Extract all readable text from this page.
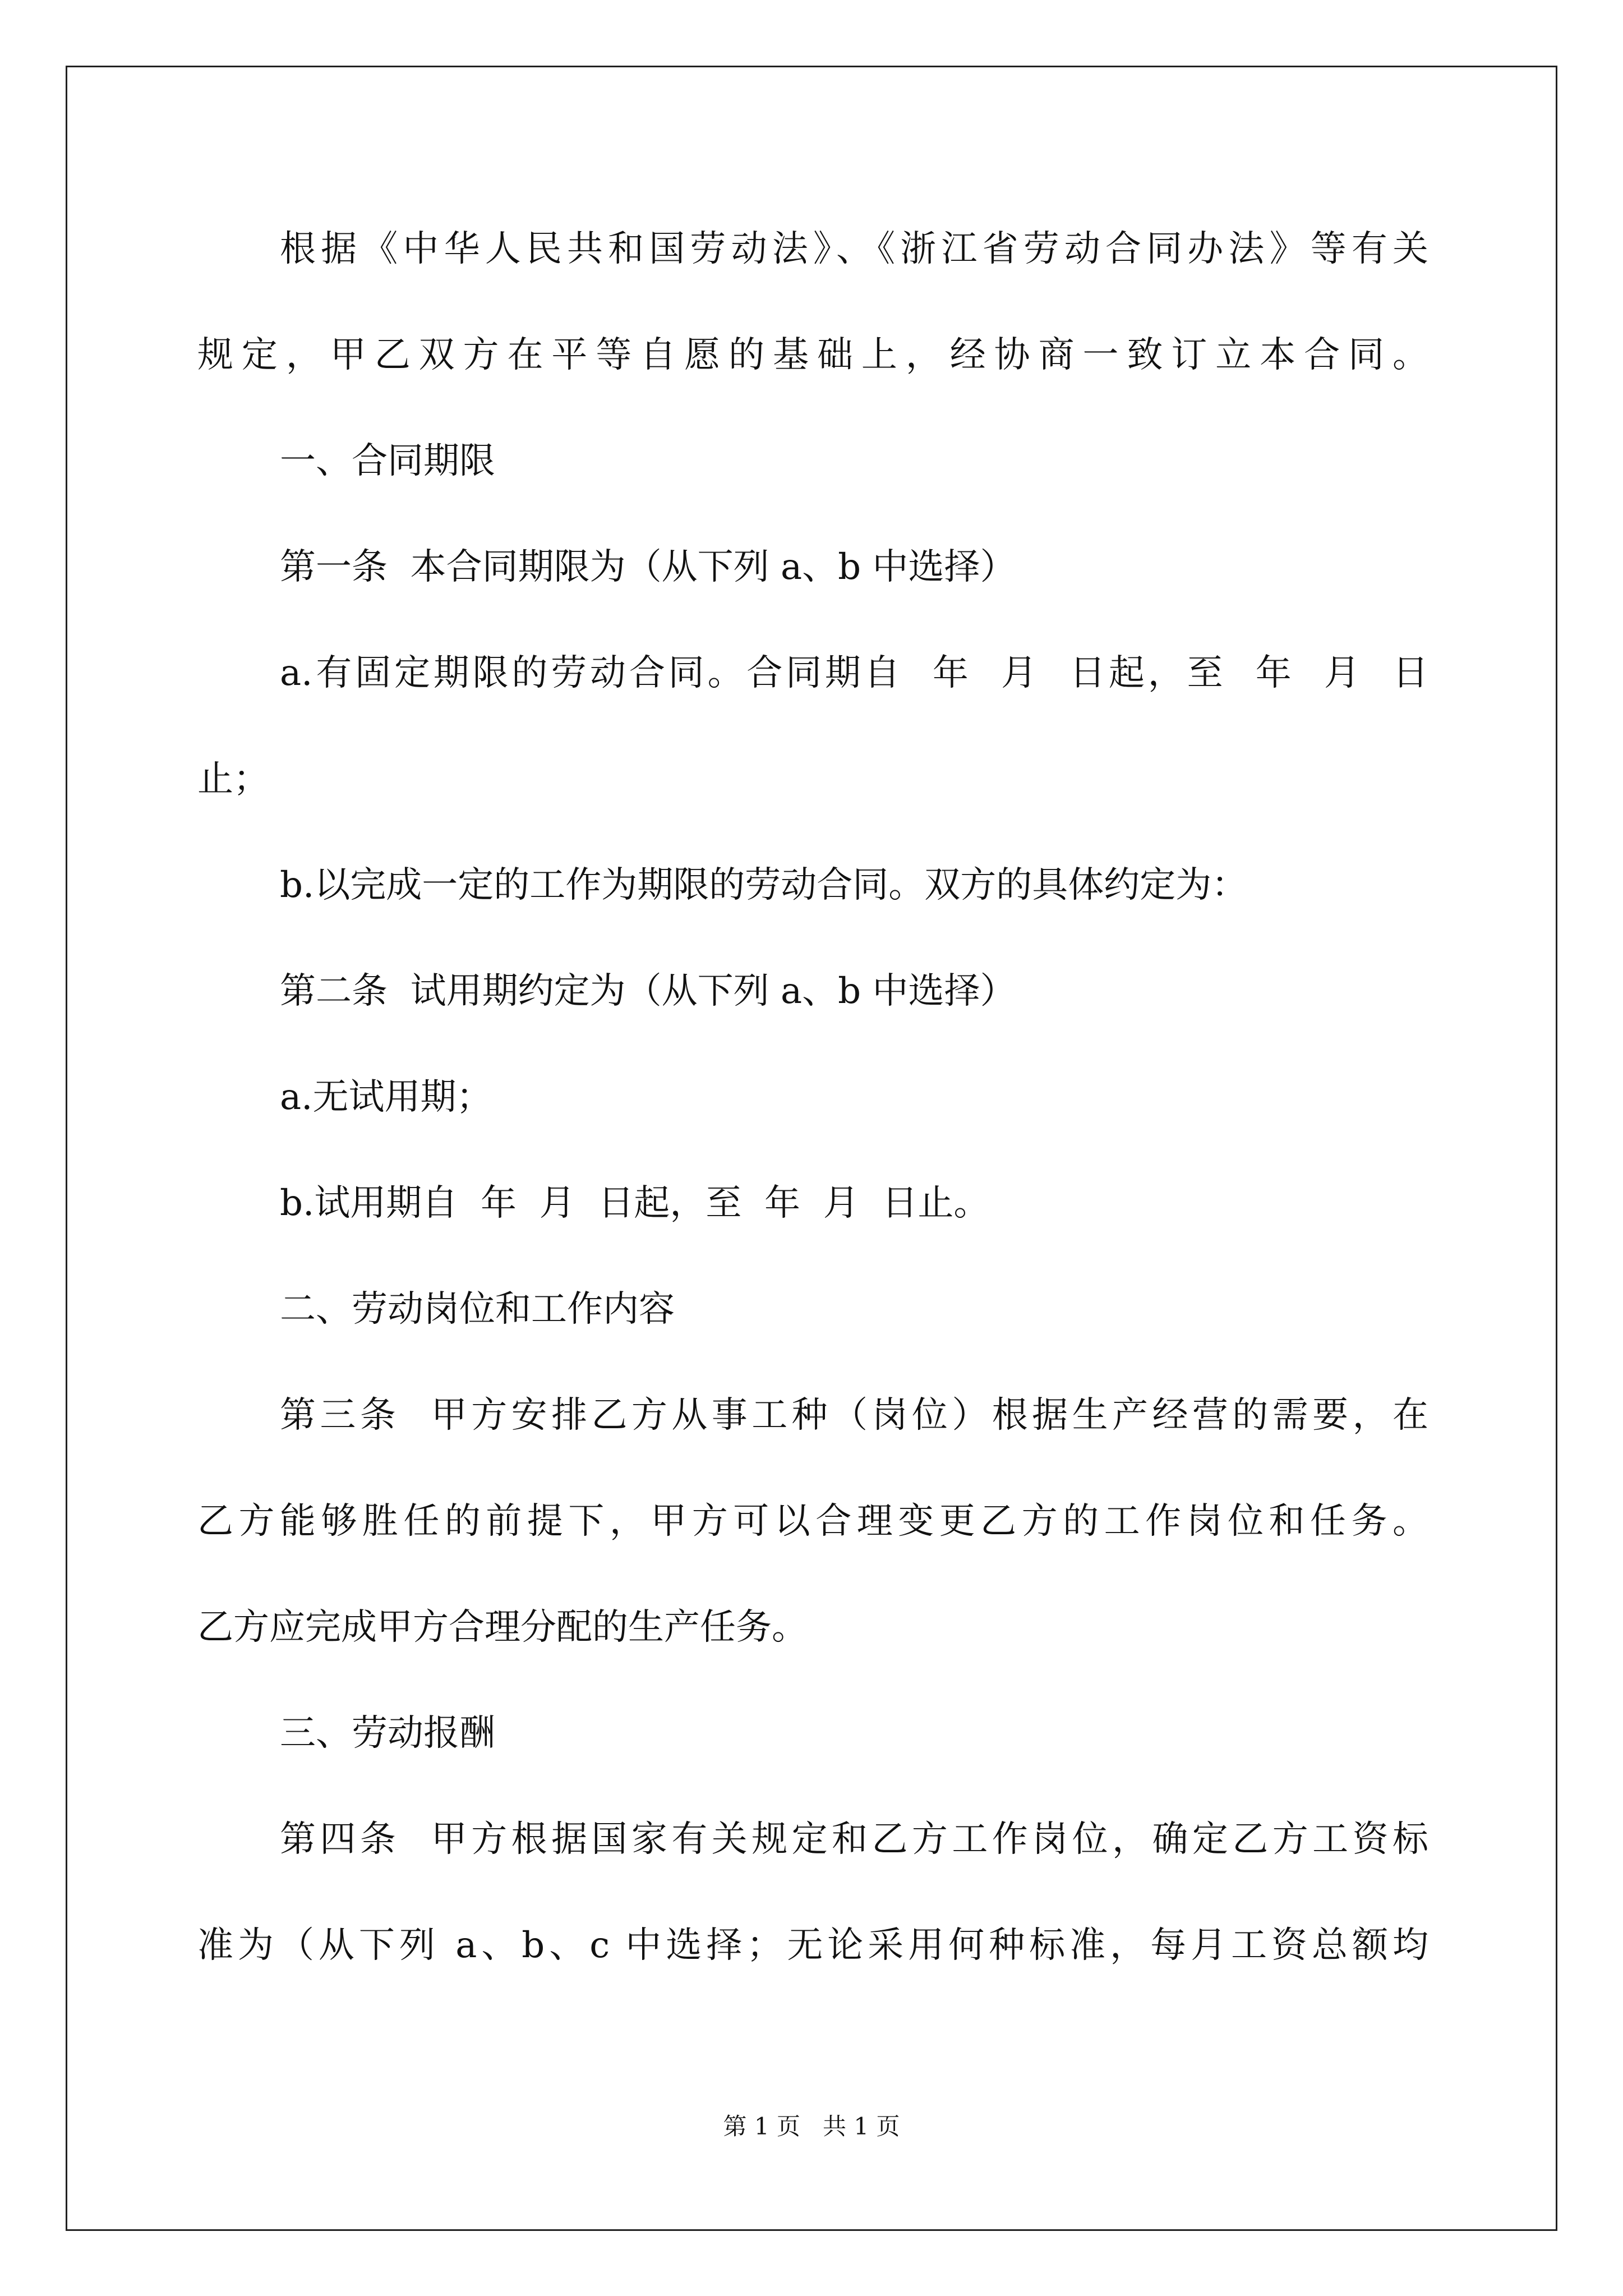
根据《中华人民共和国劳动法》、《浙江省劳动合同办法》等有关
规定，甲乙双方在平等自愿的基础上，经协商一致订立本合同。
一、合同期限
第一条  本合同期限为（从下列 a、b 中选择）
a.有固定期限的劳动合同。合同期自  年  月  日起，至  年  月  日
止；
b.以完成一定的工作为期限的劳动合同。双方的具体约定为：
第二条  试用期约定为（从下列 a、b 中选择）
a.无试用期；
b.试用期自  年  月  日起，至  年  月  日止。
二、劳动岗位和工作内容
第三条  甲方安排乙方从事工种（岗位）根据生产经营的需要，在
乙方能够胜任的前提下，甲方可以合理变更乙方的工作岗位和任务。
乙方应完成甲方合理分配的生产任务。
三、劳动报酬
第四条  甲方根据国家有关规定和乙方工作岗位，确定乙方工资标
准为（从下列 a、b、c 中选择；无论采用何种标准，每月工资总额均
第 1 页   共 1 页
